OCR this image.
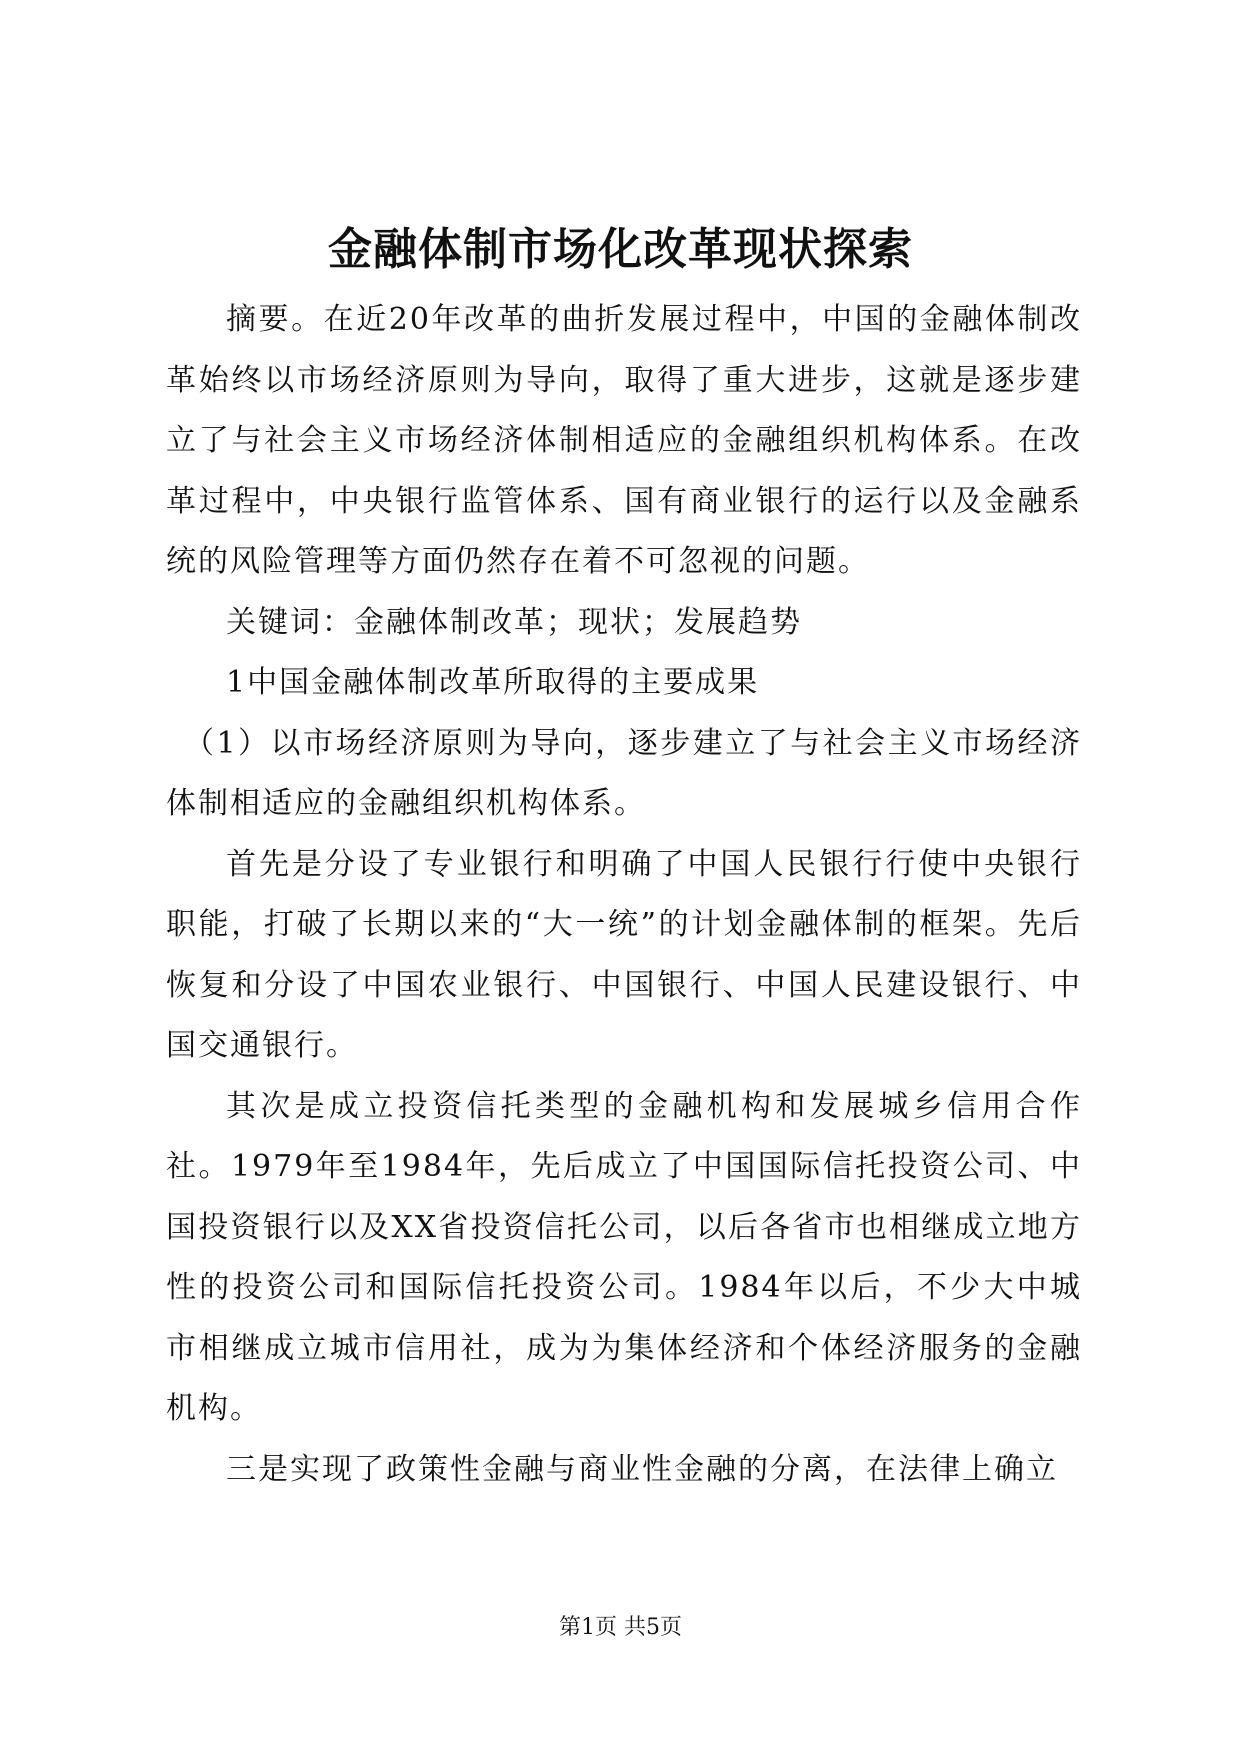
金融体制市场化改革现状探索

摘要。在近20年改革的曲折发展过程中，中国的金融体制改革始终以市场经济原则为导向，取得了重大进步，这就是逐步建立了与社会主义市场经济体制相适应的金融组织机构体系。在改革过程中，中央银行监管体系、国有商业银行的运行以及金融系统的风险管理等方面仍然存在着不可忽视的问题。

关键词：金融体制改革；现状；发展趋势

1中国金融体制改革所取得的主要成果

（1）以市场经济原则为导向，逐步建立了与社会主义市场经济体制相适应的金融组织机构体系。

首先是分设了专业银行和明确了中国人民银行行使中央银行职能，打破了长期以来的“大一统”的计划金融体制的框架。先后恢复和分设了中国农业银行、中国银行、中国人民建设银行、中国交通银行。

其次是成立投资信托类型的金融机构和发展城乡信用合作社。1979年至1984年，先后成立了中国国际信托投资公司、中国投资银行以及XX省投资信托公司，以后各省市也相继成立地方性的投资公司和国际信托投资公司。1984年以后，不少大中城市相继成立城市信用社，成为为集体经济和个体经济服务的金融机构。

三是实现了政策性金融与商业性金融的分离，在法律上确立

第1页 共5页
